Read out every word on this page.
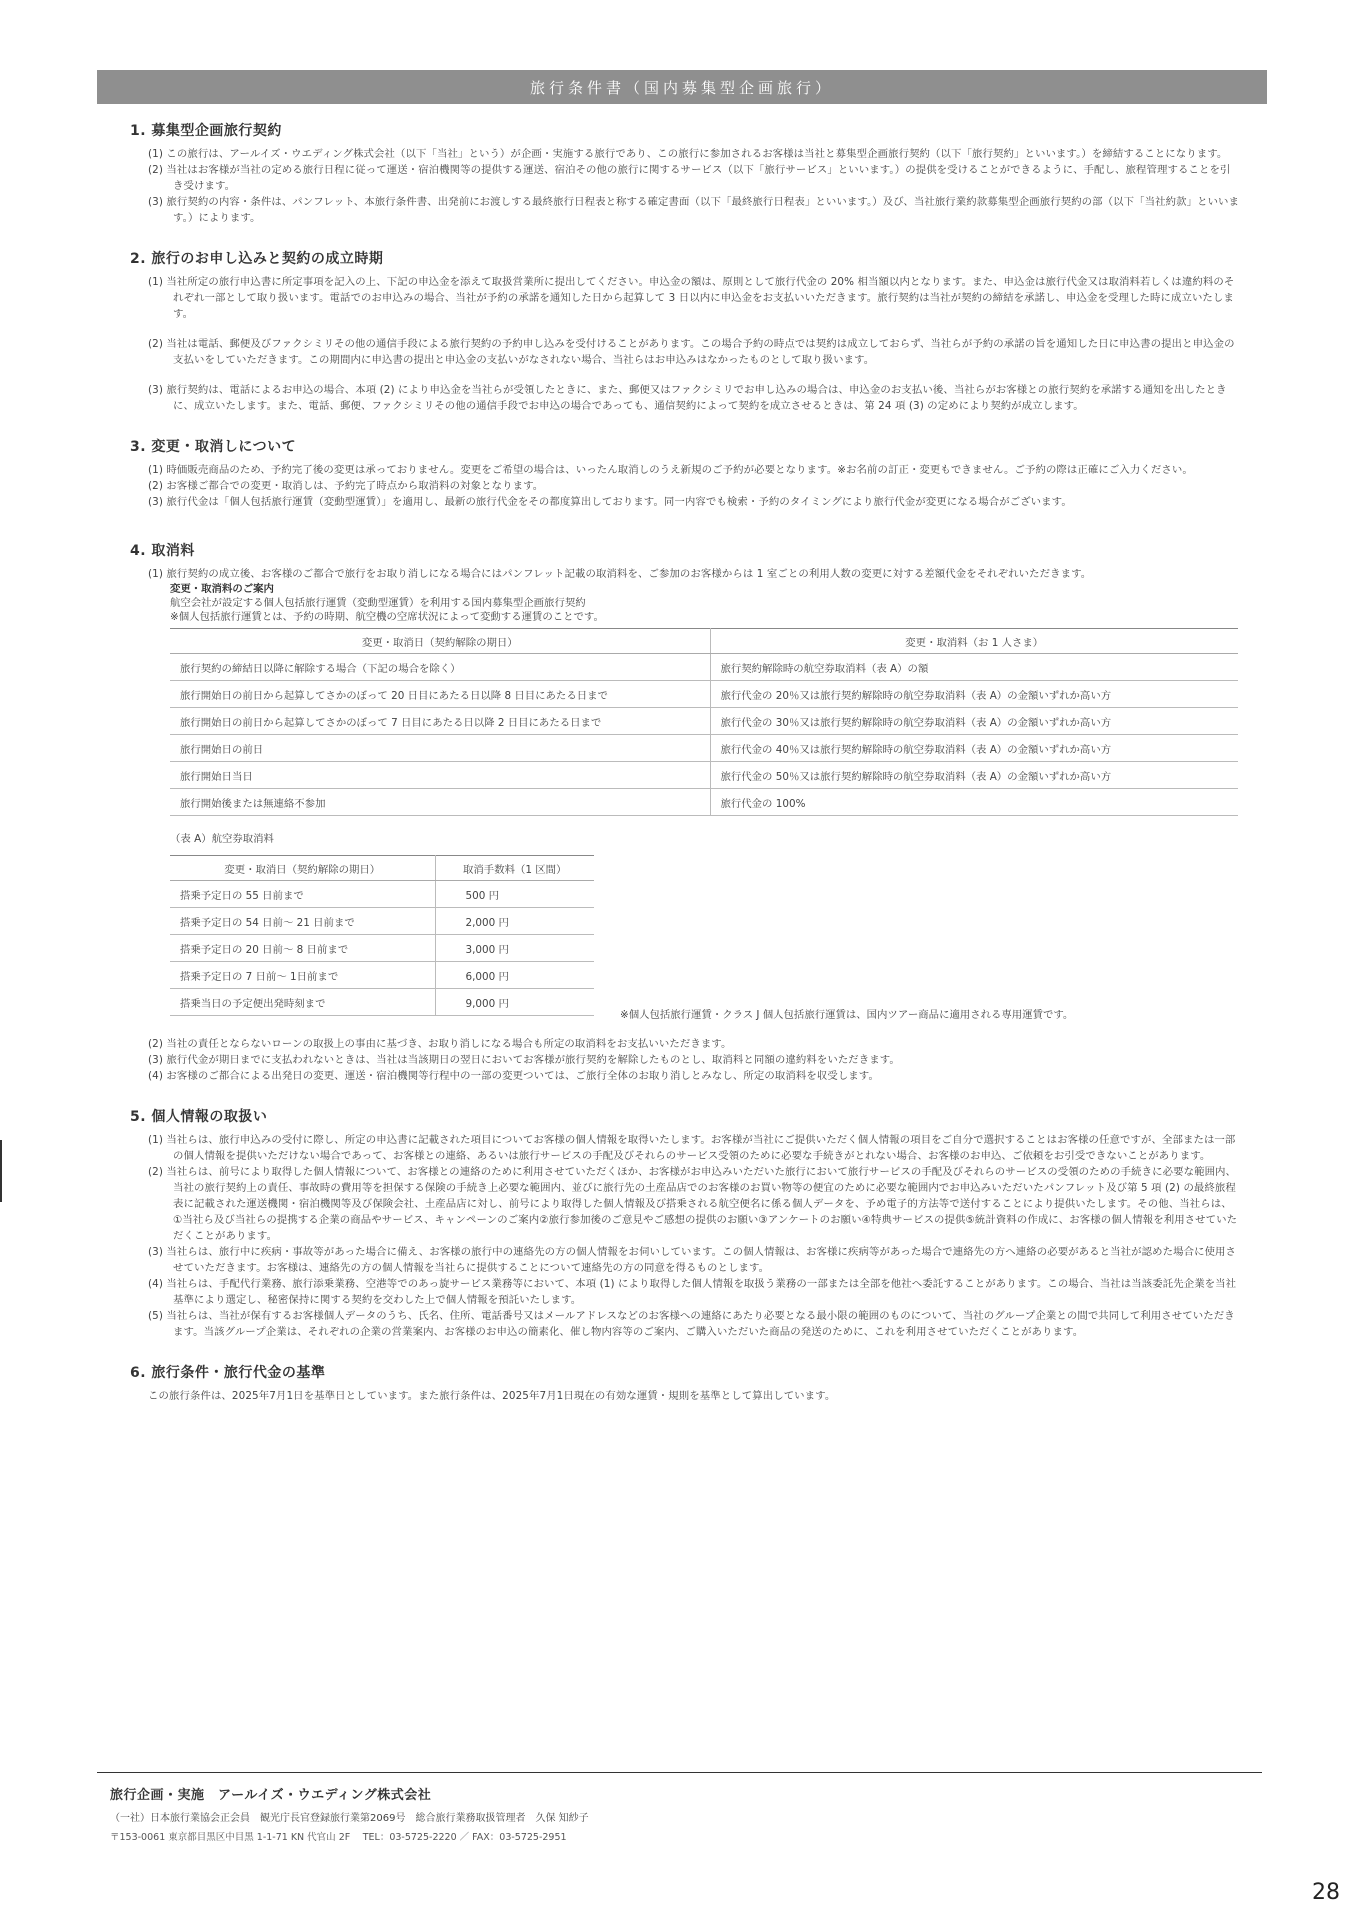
旅行条件書（国内募集型企画旅行）
1. 募集型企画旅行契約
(1) この旅行は、アールイズ・ウエディング株式会社（以下「当社」という）が企画・実施する旅行であり、この旅行に参加されるお客様は当社と募集型企画旅行契約（以下「旅行契約」といいます。）を締結することになります。
(2) 当社はお客様が当社の定める旅行日程に従って運送・宿泊機関等の提供する運送、宿泊その他の旅行に関するサービス（以下「旅行サービス」といいます。）の提供を受けることができるように、手配し、旅程管理することを引き受けます。
(3) 旅行契約の内容・条件は、パンフレット、本旅行条件書、出発前にお渡しする最終旅行日程表と称する確定書面（以下「最終旅行日程表」といいます。）及び、当社旅行業約款募集型企画旅行契約の部（以下「当社約款」といいます。）によります。
2. 旅行のお申し込みと契約の成立時期
(1) 当社所定の旅行申込書に所定事項を記入の上、下記の申込金を添えて取扱営業所に提出してください。申込金の額は、原則として旅行代金の 20% 相当額以内となります。また、申込金は旅行代金又は取消料若しくは違約料のそれぞれ一部として取り扱います。電話でのお申込みの場合、当社が予約の承諾を通知した日から起算して 3 日以内に申込金をお支払いいただきます。旅行契約は当社が契約の締結を承諾し、申込金を受理した時に成立いたします。
(2) 当社は電話、郵便及びファクシミリその他の通信手段による旅行契約の予約申し込みを受付けることがあります。この場合予約の時点では契約は成立しておらず、当社らが予約の承諾の旨を通知した日に申込書の提出と申込金の支払いをしていただきます。この期間内に申込書の提出と申込金の支払いがなされない場合、当社らはお申込みはなかったものとして取り扱います。
(3) 旅行契約は、電話によるお申込の場合、本項 (2) により申込金を当社らが受領したときに、また、郵便又はファクシミリでお申し込みの場合は、申込金のお支払い後、当社らがお客様との旅行契約を承諾する通知を出したときに、成立いたします。また、電話、郵便、ファクシミリその他の通信手段でお申込の場合であっても、通信契約によって契約を成立させるときは、第 24 項 (3) の定めにより契約が成立します。
3. 変更・取消しについて
(1) 時価販売商品のため、予約完了後の変更は承っておりません。変更をご希望の場合は、いったん取消しのうえ新規のご予約が必要となります。※お名前の訂正・変更もできません。ご予約の際は正確にご入力ください。
(2) お客様ご都合での変更・取消しは、予約完了時点から取消料の対象となります。
(3) 旅行代金は「個人包括旅行運賃（変動型運賃）」を適用し、最新の旅行代金をその都度算出しております。同一内容でも検索・予約のタイミングにより旅行代金が変更になる場合がございます。
4. 取消料
(1) 旅行契約の成立後、お客様のご都合で旅行をお取り消しになる場合にはパンフレット記載の取消料を、ご参加のお客様からは 1 室ごとの利用人数の変更に対する差額代金をそれぞれいただきます。
変更・取消料のご案内
航空会社が設定する個人包括旅行運賃（変動型運賃）を利用する国内募集型企画旅行契約
※個人包括旅行運賃とは、予約の時期、航空機の空席状況によって変動する運賃のことです。
変更・取消日（契約解除の期日）	変更・取消料（お 1 人さま）
旅行契約の締結日以降に解除する場合（下記の場合を除く）	旅行契約解除時の航空券取消料（表 A）の額
旅行開始日の前日から起算してさかのぼって 20 日目にあたる日以降 8 日目にあたる日まで	旅行代金の 20％又は旅行契約解除時の航空券取消料（表 A）の金額いずれか高い方
旅行開始日の前日から起算してさかのぼって 7 日目にあたる日以降 2 日目にあたる日まで	旅行代金の 30％又は旅行契約解除時の航空券取消料（表 A）の金額いずれか高い方
旅行開始日の前日	旅行代金の 40％又は旅行契約解除時の航空券取消料（表 A）の金額いずれか高い方
旅行開始日当日	旅行代金の 50％又は旅行契約解除時の航空券取消料（表 A）の金額いずれか高い方
旅行開始後または無連絡不参加	旅行代金の 100%
（表 A）航空券取消料
変更・取消日（契約解除の期日）	取消手数料（1 区間）
搭乗予定日の 55 日前まで	500 円
搭乗予定日の 54 日前～ 21 日前まで	2,000 円
搭乗予定日の 20 日前～ 8 日前まで	3,000 円
搭乗予定日の 7 日前～ 1日前まで	6,000 円
搭乗当日の予定便出発時刻まで	9,000 円
※個人包括旅行運賃・クラス J 個人包括旅行運賃は、国内ツアー商品に適用される専用運賃です。
(2) 当社の責任とならないローンの取扱上の事由に基づき、お取り消しになる場合も所定の取消料をお支払いいただきます。
(3) 旅行代金が期日までに支払われないときは、当社は当該期日の翌日においてお客様が旅行契約を解除したものとし、取消料と同額の違約料をいただきます。
(4) お客様のご都合による出発日の変更、運送・宿泊機関等行程中の一部の変更ついては、ご旅行全体のお取り消しとみなし、所定の取消料を収受します。
5. 個人情報の取扱い
(1) 当社らは、旅行申込みの受付に際し、所定の申込書に記載された項目についてお客様の個人情報を取得いたします。お客様が当社にご提供いただく個人情報の項目をご自分で選択することはお客様の任意ですが、全部または一部の個人情報を提供いただけない場合であって、お客様との連絡、あるいは旅行サービスの手配及びそれらのサービス受領のために必要な手続きがとれない場合、お客様のお申込、ご依頼をお引受できないことがあります。
(2) 当社らは、前号により取得した個人情報について、お客様との連絡のために利用させていただくほか、お客様がお申込みいただいた旅行において旅行サービスの手配及びそれらのサービスの受領のための手続きに必要な範囲内、当社の旅行契約上の責任、事故時の費用等を担保する保険の手続き上必要な範囲内、並びに旅行先の土産品店でのお客様のお買い物等の便宜のために必要な範囲内でお申込みいただいたパンフレット及び第 5 項 (2) の最終旅程表に記載された運送機関・宿泊機関等及び保険会社、土産品店に対し、前号により取得した個人情報及び搭乗される航空便名に係る個人データを、予め電子的方法等で送付することにより提供いたします。その他、当社らは、①当社ら及び当社らの提携する企業の商品やサービス、キャンペーンのご案内②旅行参加後のご意見やご感想の提供のお願い③アンケートのお願い④特典サービスの提供⑤統計資料の作成に、お客様の個人情報を利用させていただくことがあります。
(3) 当社らは、旅行中に疾病・事故等があった場合に備え、お客様の旅行中の連絡先の方の個人情報をお伺いしています。この個人情報は、お客様に疾病等があった場合で連絡先の方へ連絡の必要があると当社が認めた場合に使用させていただきます。お客様は、連絡先の方の個人情報を当社らに提供することについて連絡先の方の同意を得るものとします。
(4) 当社らは、手配代行業務、旅行添乗業務、空港等でのあっ旋サービス業務等において、本項 (1) により取得した個人情報を取扱う業務の一部または全部を他社へ委託することがあります。この場合、当社は当該委託先企業を当社基準により選定し、秘密保持に関する契約を交わした上で個人情報を預託いたします。
(5) 当社らは、当社が保有するお客様個人データのうち、氏名、住所、電話番号又はメールアドレスなどのお客様への連絡にあたり必要となる最小限の範囲のものについて、当社のグループ企業との間で共同して利用させていただきます。当該グループ企業は、それぞれの企業の営業案内、お客様のお申込の簡素化、催し物内容等のご案内、ご購入いただいた商品の発送のために、これを利用させていただくことがあります。
6. 旅行条件・旅行代金の基準
この旅行条件は、2025年7月1日を基準日としています。また旅行条件は、2025年7月1日現在の有効な運賃・規則を基準として算出しています。
旅行企画・実施　アールイズ・ウエディング株式会社
（一社）日本旅行業協会正会員　観光庁長官登録旅行業第2069号　総合旅行業務取扱管理者　久保 知紗子
〒153-0061 東京都目黒区中目黒 1-1-71 KN 代官山 2F　 TEL：03-5725-2220 ／ FAX：03-5725-2951
28
